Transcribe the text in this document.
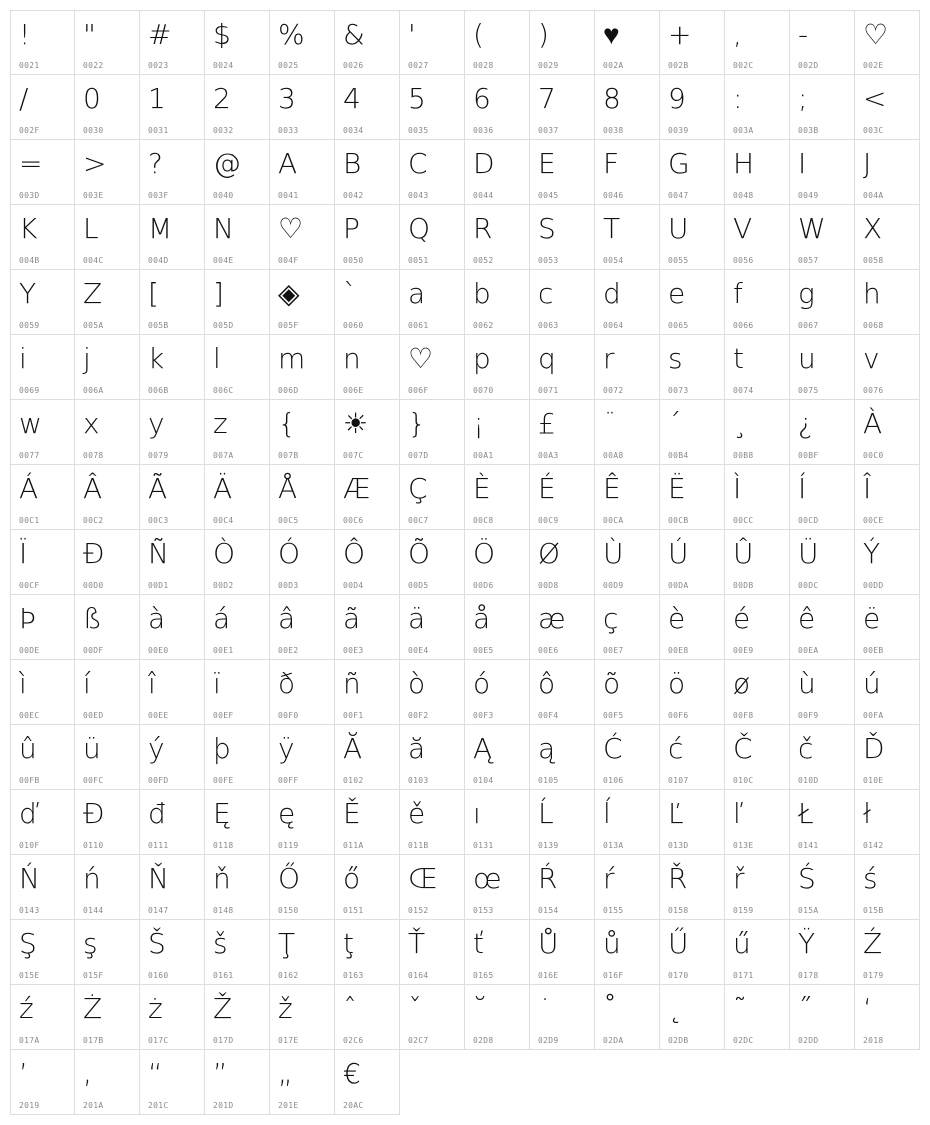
!
0021
"
0022
#
0023
$
0024
%
0025
&
0026
'
0027
(
0028
)
0029
♥
002A
+
002B
,
002C
-
002D
♡
002E
/
002F
0
0030
1
0031
2
0032
3
0033
4
0034
5
0035
6
0036
7
0037
8
0038
9
0039
:
003A
;
003B
<
003C
=
003D
>
003E
?
003F
@
0040
A
0041
B
0042
C
0043
D
0044
E
0045
F
0046
G
0047
H
0048
I
0049
J
004A
K
004B
L
004C
M
004D
N
004E
♡
004F
P
0050
Q
0051
R
0052
S
0053
T
0054
U
0055
V
0056
W
0057
X
0058
Y
0059
Z
005A
[
005B
]
005D
◈
005F
`
0060
a
0061
b
0062
c
0063
d
0064
e
0065
f
0066
g
0067
h
0068
i
0069
j
006A
k
006B
l
006C
m
006D
n
006E
♡
006F
p
0070
q
0071
r
0072
s
0073
t
0074
u
0075
v
0076
w
0077
x
0078
y
0079
z
007A
{
007B
☀
007C
}
007D
¡
00A1
£
00A3
¨
00A8
´
00B4
¸
00B8
¿
00BF
À
00C0
Á
00C1
Â
00C2
Ã
00C3
Ä
00C4
Å
00C5
Æ
00C6
Ç
00C7
È
00C8
É
00C9
Ê
00CA
Ë
00CB
Ì
00CC
Í
00CD
Î
00CE
Ï
00CF
Ð
00D0
Ñ
00D1
Ò
00D2
Ó
00D3
Ô
00D4
Õ
00D5
Ö
00D6
Ø
00D8
Ù
00D9
Ú
00DA
Û
00DB
Ü
00DC
Ý
00DD
Þ
00DE
ß
00DF
à
00E0
á
00E1
â
00E2
ã
00E3
ä
00E4
å
00E5
æ
00E6
ç
00E7
è
00E8
é
00E9
ê
00EA
ë
00EB
ì
00EC
í
00ED
î
00EE
ï
00EF
ð
00F0
ñ
00F1
ò
00F2
ó
00F3
ô
00F4
õ
00F5
ö
00F6
ø
00F8
ù
00F9
ú
00FA
û
00FB
ü
00FC
ý
00FD
þ
00FE
ÿ
00FF
Ă
0102
ă
0103
Ą
0104
ą
0105
Ć
0106
ć
0107
Č
010C
č
010D
Ď
010E
ď
010F
Đ
0110
đ
0111
Ę
0118
ę
0119
Ě
011A
ě
011B
ı
0131
Ĺ
0139
ĺ
013A
Ľ
013D
ľ
013E
Ł
0141
ł
0142
Ń
0143
ń
0144
Ň
0147
ň
0148
Ő
0150
ő
0151
Œ
0152
œ
0153
Ŕ
0154
ŕ
0155
Ř
0158
ř
0159
Ś
015A
ś
015B
Ş
015E
ş
015F
Š
0160
š
0161
Ţ
0162
ţ
0163
Ť
0164
ť
0165
Ů
016E
ů
016F
Ű
0170
ű
0171
Ÿ
0178
Ź
0179
ź
017A
Ż
017B
ż
017C
Ž
017D
ž
017E
ˆ
02C6
ˇ
02C7
˘
02D8
˙
02D9
˚
02DA
˛
02DB
˜
02DC
˝
02DD
‘
2018
’
2019
‚
201A
“
201C
”
201D
„
201E
€
20AC
